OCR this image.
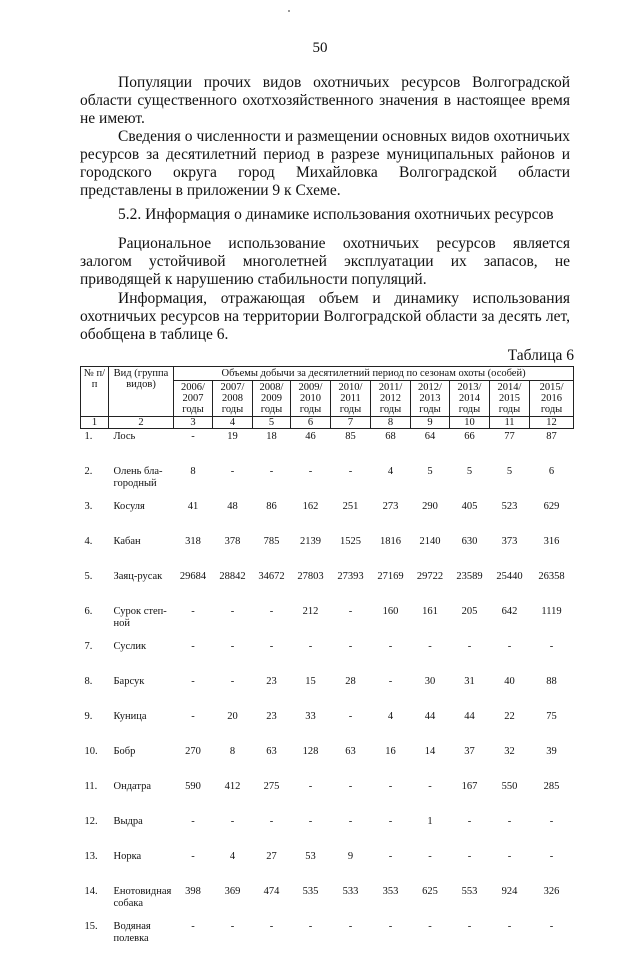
50

Популяции прочих видов охотничьих ресурсов Волгоградской области существенного охотхозяйственного значения в настоящее время не имеют.

Сведения о численности и размещении основных видов охотничьих ресурсов за десятилетний период в разрезе муниципальных районов и городского округа город Михайловка Волгоградской области представлены в приложении 9 к Схеме.

5.2. Информация о динамике использования охотничьих ресурсов

Рациональное использование охотничьих ресурсов является залогом устойчивой многолетней эксплуатации их запасов, не приводящей к нарушению стабильности популяций.

Информация, отражающая объем и динамику использования охотничьих ресурсов на территории Волгоградской области за десять лет, обобщена в таблице 6.

Таблица 6
№ п/п	Вид (группа видов)	Объемы добычи за десятилетний период по сезонам охоты (особей)									
		2006/ 2007 годы	2007/ 2008 годы	2008/ 2009 годы	2009/ 2010 годы	2010/ 2011 годы	2011/ 2012 годы	2012/ 2013 годы	2013/ 2014 годы	2014/ 2015 годы	2015/ 2016 годы
1	2	3	4	5	6	7	8	9	10	11	12
1.	Лось	-	19	18	46	85	68	64	66	77	87
2.	Олень бла- городный	8	-	-	-	-	4	5	5	5	6
3.	Косуля	41	48	86	162	251	273	290	405	523	629
4.	Кабан	318	378	785	2139	1525	1816	2140	630	373	316
5.	Заяц-русак	29684	28842	34672	27803	27393	27169	29722	23589	25440	26358
6.	Сурок степ- ной	-	-	-	212	-	160	161	205	642	1119
7.	Суслик	-	-	-	-	-	-	-	-	-	-
8.	Барсук	-	-	23	15	28	-	30	31	40	88
9.	Куница	-	20	23	33	-	4	44	44	22	75
10.	Бобр	270	8	63	128	63	16	14	37	32	39
11.	Ондатра	590	412	275	-	-	-	-	167	550	285
12.	Выдра	-	-	-	-	-	-	1	-	-	-
13.	Норка	-	4	27	53	9	-	-	-	-	-
14.	Енотовидная собака	398	369	474	535	533	353	625	553	924	326
15.	Водяная полевка	-	-	-	-	-	-	-	-	-	-
